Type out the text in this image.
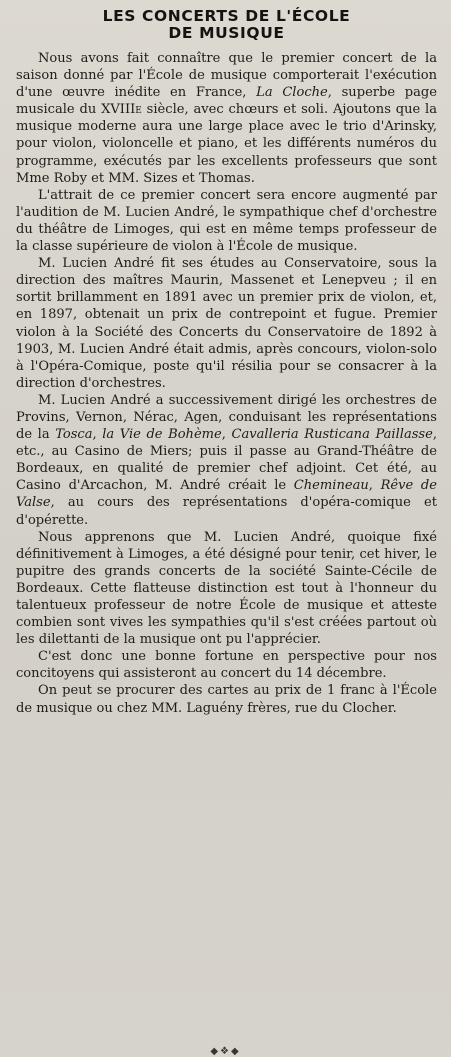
LES CONCERTS DE L'ÉCOLE
DE MUSIQUE

Nous avons fait connaître que le premier concert de la saison donné par l'École de musique comporterait l'exécution d'une œuvre inédite en France, La Cloche, superbe page musicale du XVIIIe siècle, avec chœurs et soli. Ajoutons que la musique moderne aura une large place avec le trio d'Arinsky, pour violon, violoncelle et piano, et les différents numéros du programme, exécutés par les excellents professeurs que sont Mme Roby et MM. Sizes et Thomas.

L'attrait de ce premier concert sera encore augmenté par l'audition de M. Lucien André, le sympathique chef d'orchestre du théâtre de Limoges, qui est en même temps professeur de la classe supérieure de violon à l'École de musique.

M. Lucien André fit ses études au Conservatoire, sous la direction des maîtres Maurin, Massenet et Lenepveu ; il en sortit brillamment en 1891 avec un premier prix de violon, et, en 1897, obtenait un prix de contrepoint et fugue. Premier violon à la Société des Concerts du Conservatoire de 1892 à 1903, M. Lucien André était admis, après concours, violon-solo à l'Opéra-Comique, poste qu'il résilia pour se consacrer à la direction d'orchestres.

M. Lucien André a successivement dirigé les orchestres de Provins, Vernon, Nérac, Agen, conduisant les représentations de la Tosca, la Vie de Bohème, Cavalleria Rusticana Paillasse, etc., au Casino de Miers; puis il passe au Grand-Théâtre de Bordeaux, en qualité de premier chef adjoint. Cet été, au Casino d'Arcachon, M. André créait le Chemineau, Rêve de Valse, au cours des représentations d'opéra-comique et d'opérette.

Nous apprenons que M. Lucien André, quoique fixé définitivement à Limoges, a été désigné pour tenir, cet hiver, le pupitre des grands concerts de la société Sainte-Cécile de Bordeaux. Cette flatteuse distinction est tout à l'honneur du talentueux professeur de notre École de musique et atteste combien sont vives les sympathies qu'il s'est créées partout où les dilettanti de la musique ont pu l'apprécier.

C'est donc une bonne fortune en perspective pour nos concitoyens qui assisteront au concert du 14 décembre.

On peut se procurer des cartes au prix de 1 franc à l'École de musique ou chez MM. Laguény frères, rue du Clocher.

◆❖◆
